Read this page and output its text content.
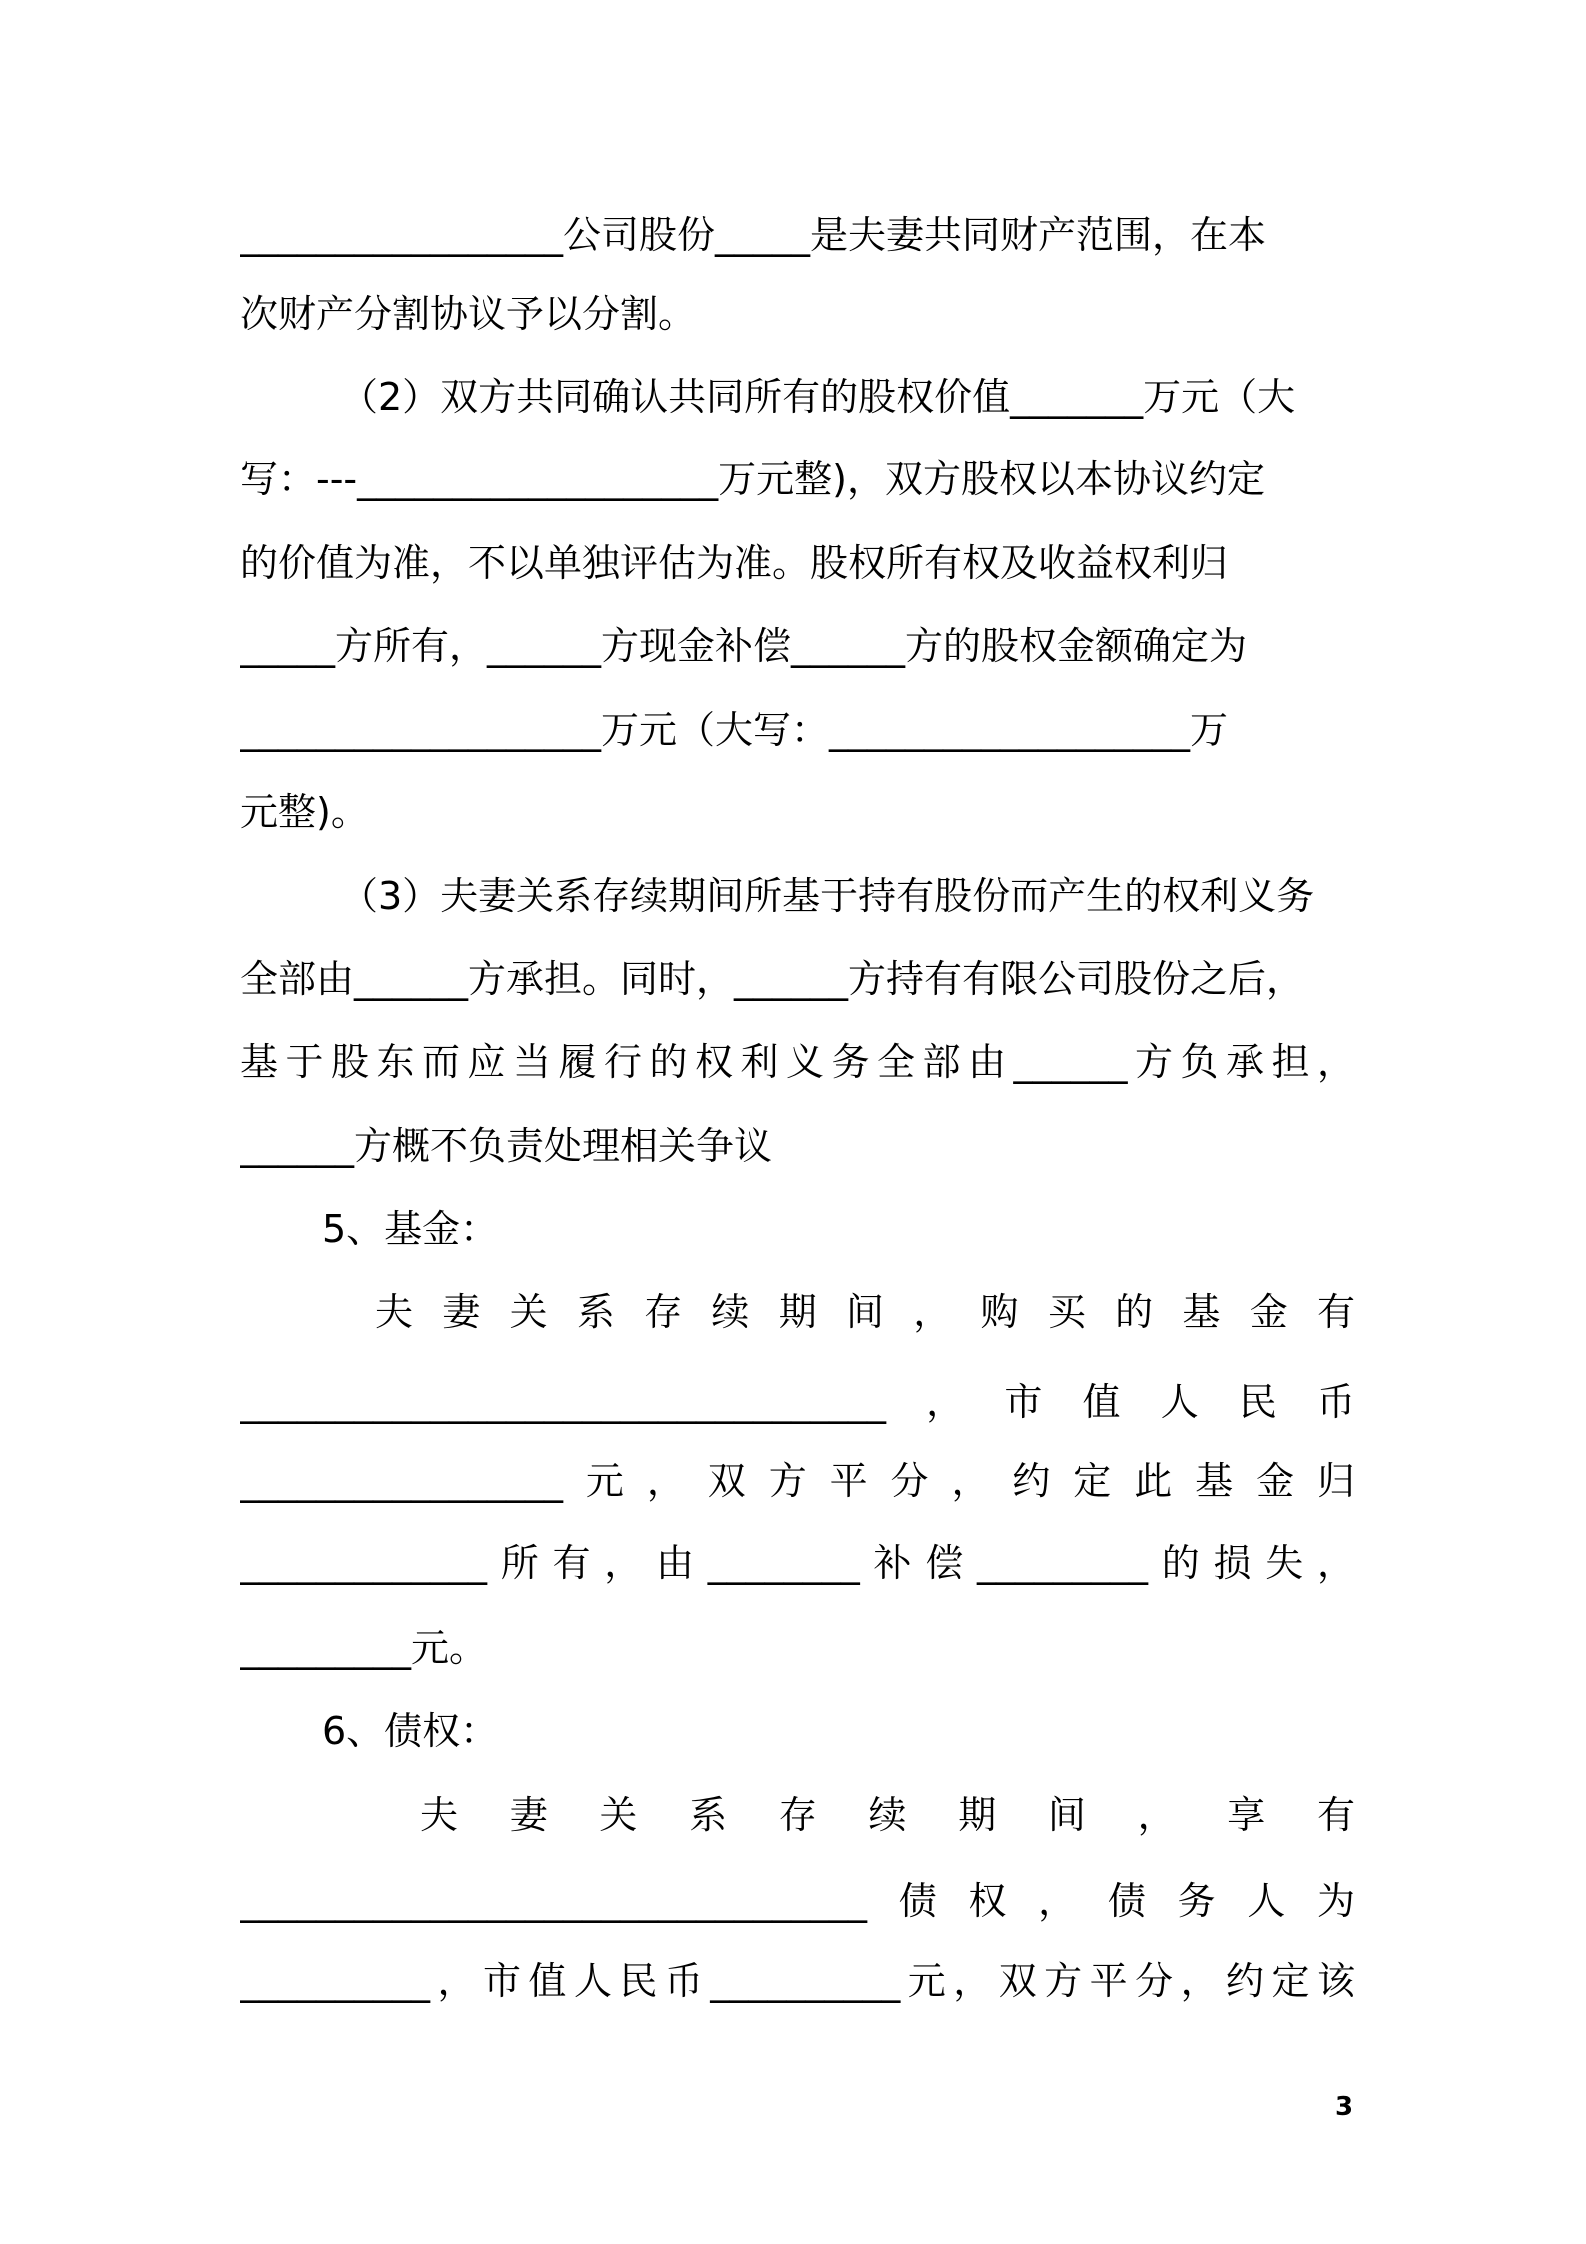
_________________公司股份_____是夫妻共同财产范围，在本

次财产分割协议予以分割。

（2）双方共同确认共同所有的股权价值_______万元（大

写：---___________________万元整)，双方股权以本协议约定

的价值为准，不以单独评估为准。股权所有权及收益权利归

_____方所有，______方现金补偿______方的股权金额确定为

___________________万元（大写：___________________万

元整)。

（3）夫妻关系存续期间所基于持有股份而产生的权利义务

全部由______方承担。同时，______方持有有限公司股份之后，

基于股东而应当履行的权利义务全部由______方负承担，

______方概不负责处理相关争议

5、基金：

夫妻关系存续期间，购买的基金有

__________________________________，市值人民币

_________________元，双方平分，约定此基金归

_____________所有，由________补偿_________的损失，

_________元。

6、债权：

夫妻关系存续期间，享有

_________________________________债权，债务人为

__________，市值人民币__________元，双方平分，约定该

3
